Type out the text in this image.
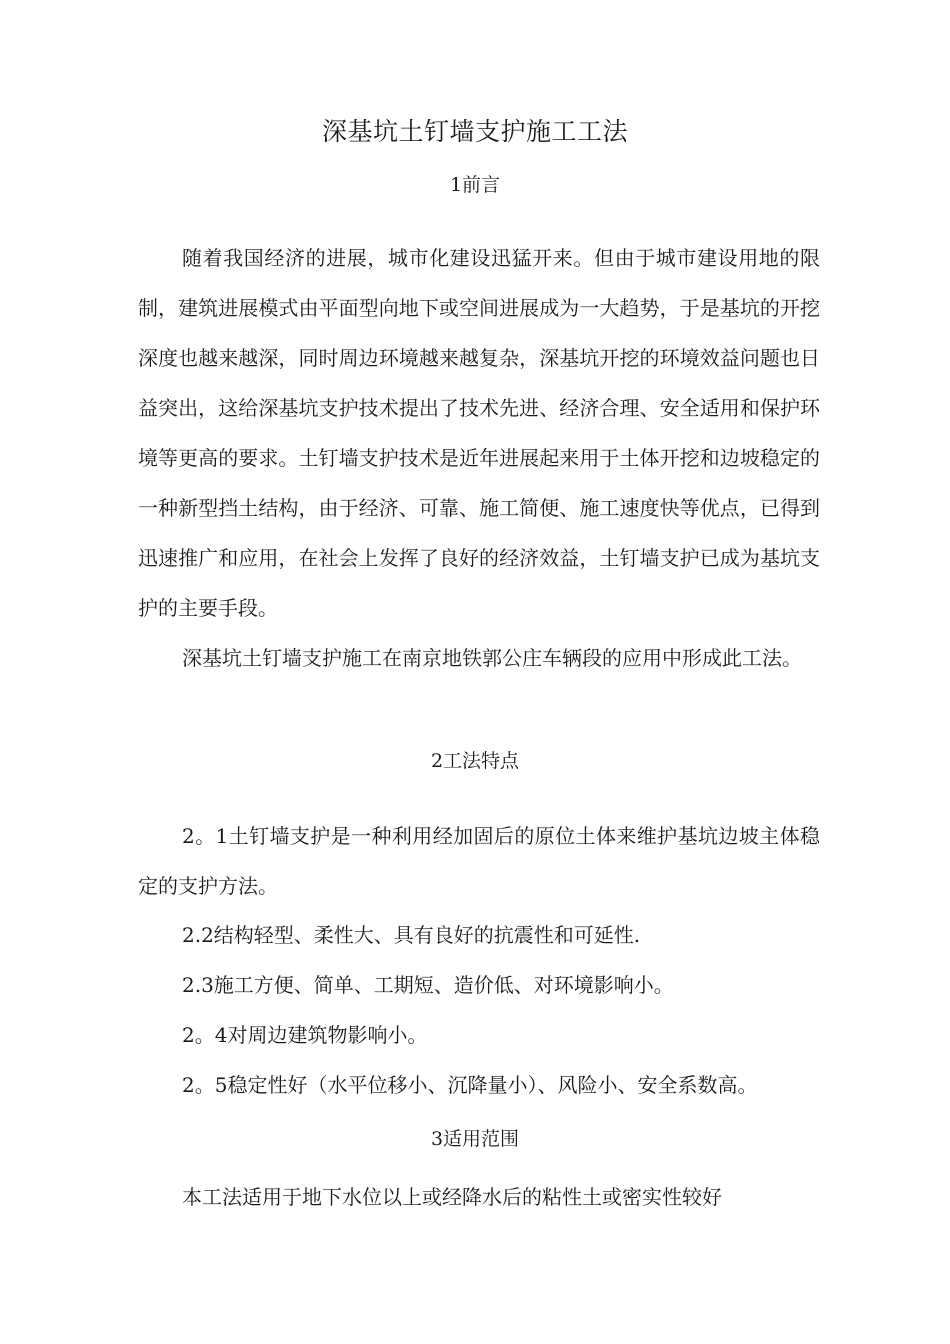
深基坑土钉墙支护施工工法
1前言

随着我国经济的进展，城市化建设迅猛开来。但由于城市建设用地的限制，建筑进展模式由平面型向地下或空间进展成为一大趋势，于是基坑的开挖深度也越来越深，同时周边环境越来越复杂，深基坑开挖的环境效益问题也日益突出，这给深基坑支护技术提出了技术先进、经济合理、安全适用和保护环境等更高的要求。土钉墙支护技术是近年进展起来用于土体开挖和边坡稳定的一种新型挡土结构，由于经济、可靠、施工简便、施工速度快等优点，已得到迅速推广和应用，在社会上发挥了良好的经济效益，土钉墙支护已成为基坑支护的主要手段。

深基坑土钉墙支护施工在南京地铁郭公庄车辆段的应用中形成此工法。

2工法特点

2。1土钉墙支护是一种利用经加固后的原位土体来维护基坑边坡主体稳定的支护方法。

2.2结构轻型、柔性大、具有良好的抗震性和可延性.
2.3施工方便、简单、工期短、造价低、对环境影响小。
2。4对周边建筑物影响小。
2。5稳定性好（水平位移小、沉降量小）、风险小、安全系数高。
3适用范围
本工法适用于地下水位以上或经降水后的粘性土或密实性较好
